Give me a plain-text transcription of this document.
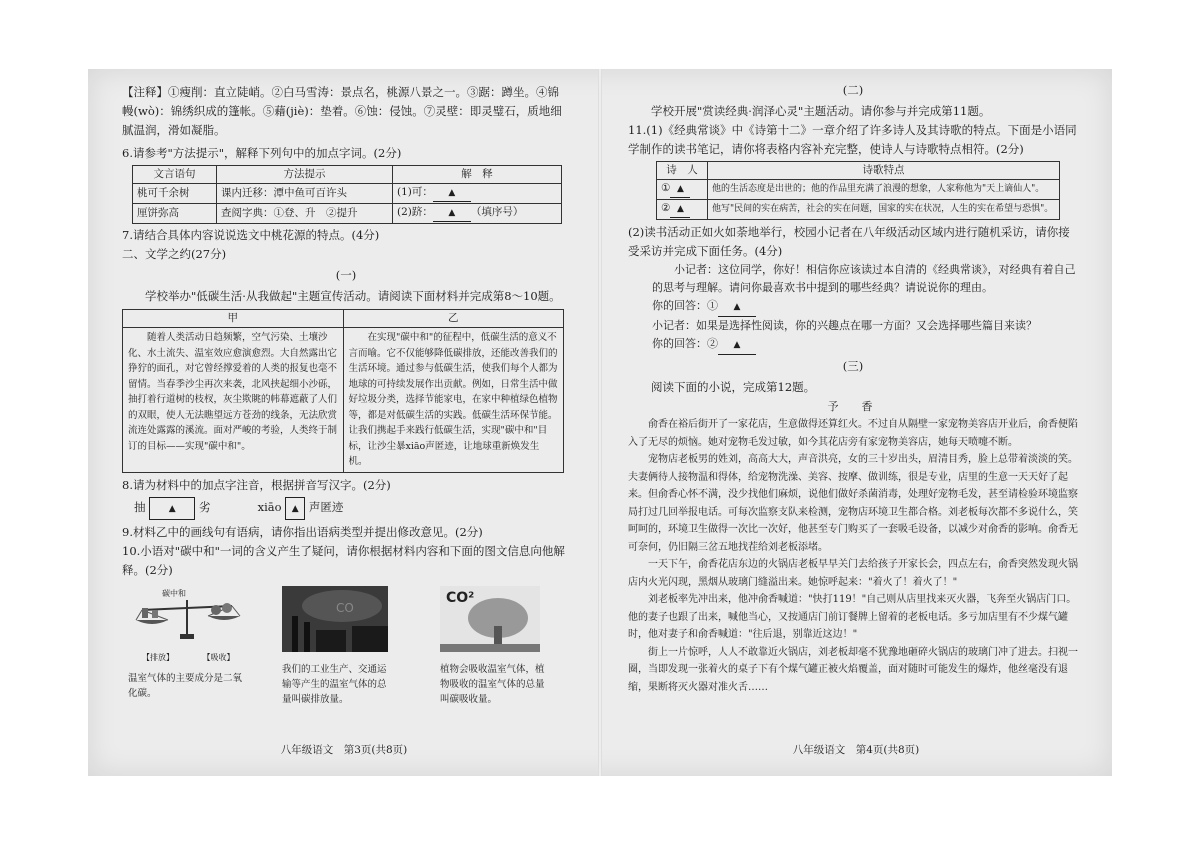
【注释】①瘦削：直立陡峭。②白马雪涛：景点名，桃源八景之一。③踞：蹲坐。④锦幔(wò)：锦绣织成的篷帐。⑤藉(jiè)：垫着。⑥蚀：侵蚀。⑦灵壁：即灵璧石，质地细腻温润，滑如凝脂。

6.请参考"方法提示"，解释下列句中的加点字词。(2分)

文言语句	方法提示	解　释
桃可千余树	课内迁移：潭中鱼可百许头	(1)可： ▲
厘饼弥高	查阅字典：①登、升　②提升	(2)跻： ▲ （填序号）

7.请结合具体内容说说选文中桃花源的特点。(4分)

二、文学之约(27分)

(一)

学校举办"低碳生活·从我做起"主题宣传活动。请阅读下面材料并完成第8～10题。

甲	乙
随着人类活动日趋频繁，空气污染、土壤沙化、水土流失、温室效应愈演愈烈。大自然露出它狰狞的面孔，对它曾经撑爱着的人类的报复也毫不留情。当春季沙尘再次来袭，北风挟起细小沙砾，抽打着行道树的枝杈，灰尘欺眺的帏幕遮蔽了人们的双眼，使人无法瞧望远方苍劲的线条，无法欣赏流连处露露的溪流。面对严峻的考验，人类终于制订的目标——实现"碳中和"。	在实现"碳中和"的征程中，低碳生活的意义不言而喻。它不仅能够降低碳排放，还能改善我们的生活环境。通过参与低碳生活，使我们每个人都为地球的可持续发展作出贡献。例如，日常生活中做好垃圾分类，选择节能家电，在家中种植绿色植物等，都是对低碳生活的实践。低碳生活环保节能。让我们携起手来践行低碳生活，实现"碳中和"目标，让沙尘暴xiāo声匿迹，让地球重新焕发生机。

8.请为材料中的加点字注音，根据拼音写汉字。(2分)

抽	▲ 劣	xiāo ▲ 声匿迹

9.材料乙中的画线句有语病，请你指出语病类型并提出修改意见。(2分)

10.小语对"碳中和"一词的含义产生了疑问，请你根据材料内容和下面的图文信息向他解释。(2分)

碳中和
【排放】	【吸收】

温室气体的主要成分是二氧化碳。

CO

我们的工业生产、交通运输等产生的温室气体的总量叫碳排放量。

CO²

植物会吸收温室气体，植物吸收的温室气体的总量叫碳吸收量。

八年级语文　第3页(共8页)

(二)

学校开展"赏读经典·润泽心灵"主题活动。请你参与并完成第11题。

11.(1)《经典常谈》中《诗第十二》一章介绍了许多诗人及其诗歌的特点。下面是小语同学制作的读书笔记，请你将表格内容补充完整，使诗人与诗歌特点相符。(2分)

诗　人	诗歌特点
① ▲	他的生活态度是出世的；他的作品里充满了浪漫的想象，人家称他为"天上谪仙人"。
② ▲	他写"民间的实在病苦，社会的实在问题，国家的实在状况，人生的实在希望与恐惧"。

(2)读书活动正如火如荼地举行，校园小记者在八年级活动区域内进行随机采访，请你接受采访并完成下面任务。(4分)

小记者：这位同学，你好！相信你应该读过本自清的《经典常谈》，对经典有着自己的思考与理解。请问你最喜欢书中提到的哪些经典？请说说你的理由。

你的回答：① ▲

小记者：如果是选择性阅读，你的兴趣点在哪一方面？又会选择哪些篇目来读？

你的回答：② ▲

(三)

阅读下面的小说，完成第12题。

予　香

俞香在裕后街开了一家花店，生意做得还算红火。不过自从隔壁一家宠物美容店开业后，俞香便陷入了无尽的烦恼。她对宠物毛发过敏，如今其花店旁有家宠物美容店，她每天喷嚏不断。

宠物店老板男的姓刘，高高大大，声音洪亮，女的三十岁出头，眉清目秀，脸上总带着淡淡的笑。夫妻俩待人接物温和得体，给宠物洗澡、美容、按摩、做训练，很是专业，店里的生意一天天好了起来。但俞香心怀不满，没少找他们麻烦，说他们做好杀菌消毒，处理好宠物毛发，甚至请检验环境监察局打过几回举报电话。可每次监察支队来检测，宠物店环境卫生都合格。刘老板每次都不多说什么，笑呵呵的，环境卫生做得一次比一次好，他甚至专门购买了一套吸毛设备，以减少对俞香的影响。俞香无可奈何，仍旧隔三岔五地找茬给刘老板添堵。

一天下午，俞香花店东边的火锅店老板早早关门去给孩子开家长会，四点左右，俞香突然发现火锅店内火光闪现，黑烟从玻璃门缝溢出来。她惊呼起来："着火了！着火了！"

刘老板率先冲出来，他冲俞香喊道："快打119！"自己则从店里找来灭火器，飞奔至火锅店门口。他的妻子也跟了出来，喊他当心，又按通店门前订餐牌上留着的老板电话。多亏加店里有不少煤气罐时，他对妻子和俞香喊道："往后退，别靠近这边！"

街上一片惊呼，人人不敢靠近火锅店，刘老板却毫不犹豫地砸碎火锅店的玻璃门冲了进去。扫视一圈，当即发现一张着火的桌子下有个煤气罐正被火焰覆盖，面对随时可能发生的爆炸，他丝毫没有退缩，果断将灭火器对准火舌……

八年级语文　第4页(共8页)
